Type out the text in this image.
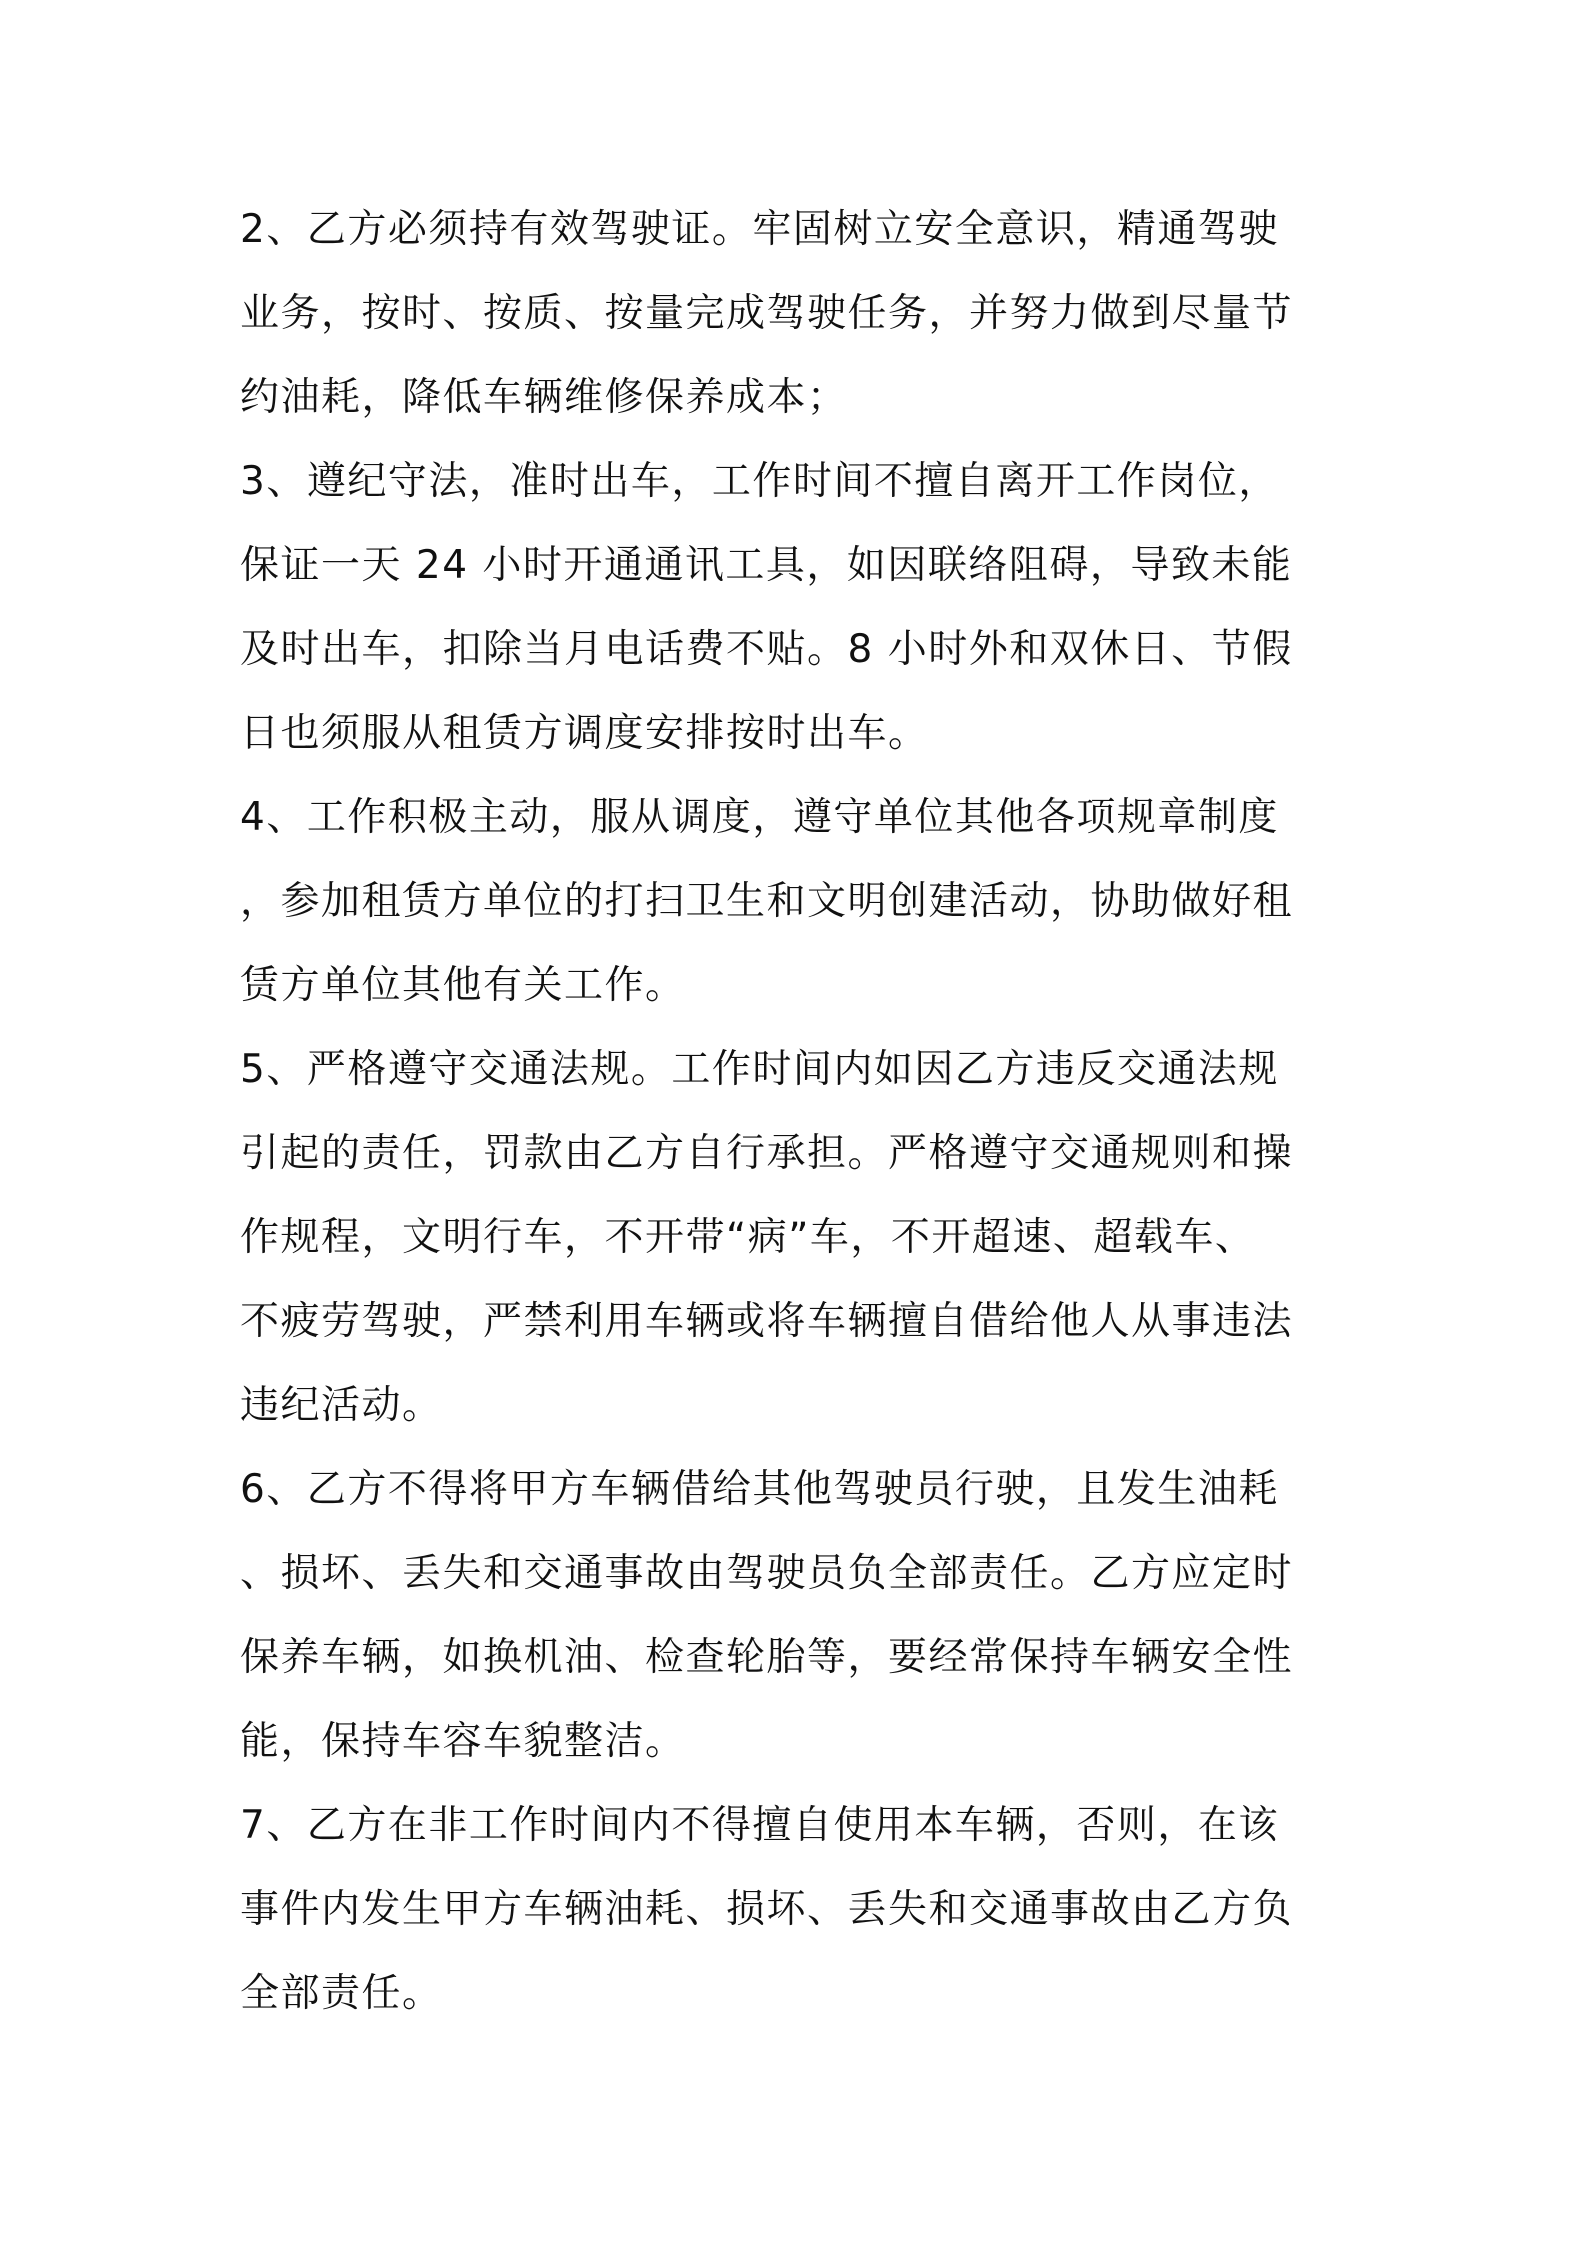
2、乙方必须持有效驾驶证。牢固树立安全意识，精通驾驶
业务，按时、按质、按量完成驾驶任务，并努力做到尽量节
约油耗，降低车辆维修保养成本；
3、遵纪守法，准时出车，工作时间不擅自离开工作岗位，
保证一天 24 小时开通通讯工具，如因联络阻碍，导致未能
及时出车，扣除当月电话费不贴。8 小时外和双休日、节假
日也须服从租赁方调度安排按时出车。
4、工作积极主动，服从调度，遵守单位其他各项规章制度
，参加租赁方单位的打扫卫生和文明创建活动，协助做好租
赁方单位其他有关工作。
5、严格遵守交通法规。工作时间内如因乙方违反交通法规
引起的责任，罚款由乙方自行承担。严格遵守交通规则和操
作规程，文明行车，不开带“病”车，不开超速、超载车、
不疲劳驾驶，严禁利用车辆或将车辆擅自借给他人从事违法
违纪活动。
6、乙方不得将甲方车辆借给其他驾驶员行驶，且发生油耗
、损坏、丢失和交通事故由驾驶员负全部责任。乙方应定时
保养车辆，如换机油、检查轮胎等，要经常保持车辆安全性
能，保持车容车貌整洁。
7、乙方在非工作时间内不得擅自使用本车辆，否则，在该
事件内发生甲方车辆油耗、损坏、丢失和交通事故由乙方负
全部责任。
